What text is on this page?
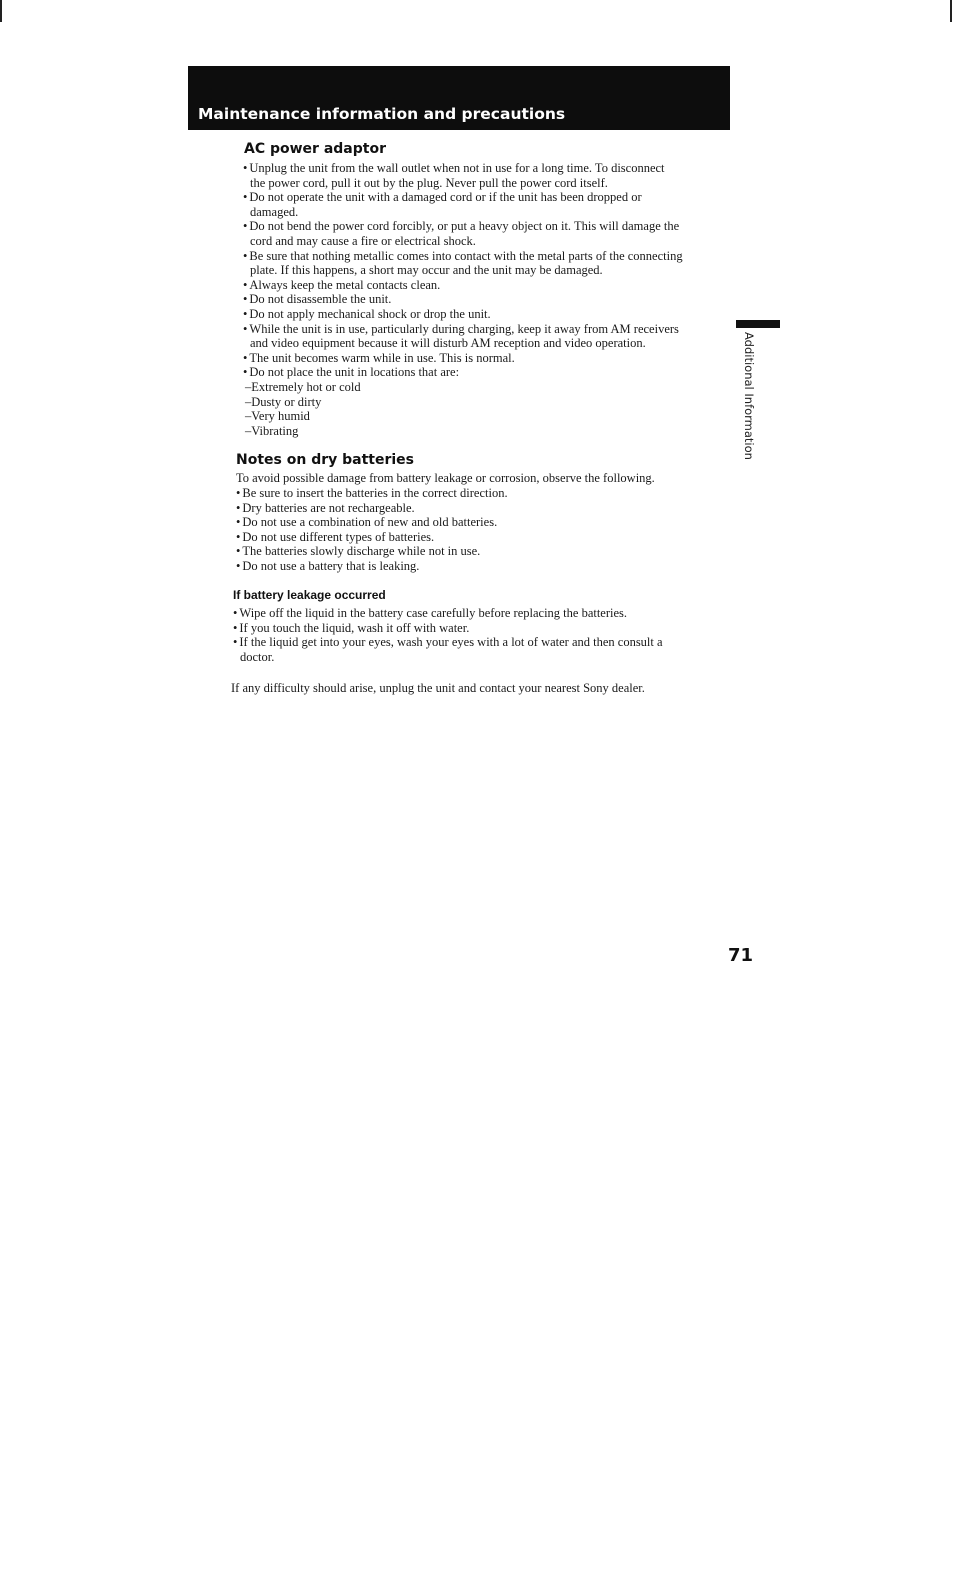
Maintenance information and precautions
Additional Information
AC power adaptor
• Unplug the unit from the wall outlet when not in use for a long time. To disconnect
the power cord, pull it out by the plug. Never pull the power cord itself.
• Do not operate the unit with a damaged cord or if the unit has been dropped or
damaged.
• Do not bend the power cord forcibly, or put a heavy object on it. This will damage the
cord and may cause a fire or electrical shock.
• Be sure that nothing metallic comes into contact with the metal parts of the connecting
plate. If this happens, a short may occur and the unit may be damaged.
• Always keep the metal contacts clean.
• Do not disassemble the unit.
• Do not apply mechanical shock or drop the unit.
• While the unit is in use, particularly during charging, keep it away from AM receivers
and video equipment because it will disturb AM reception and video operation.
• The unit becomes warm while in use. This is normal.
• Do not place the unit in locations that are:
–Extremely hot or cold
–Dusty or dirty
–Very humid
–Vibrating
Notes on dry batteries
To avoid possible damage from battery leakage or corrosion, observe the following.
• Be sure to insert the batteries in the correct direction.
• Dry batteries are not rechargeable.
• Do not use a combination of new and old batteries.
• Do not use different types of batteries.
• The batteries slowly discharge while not in use.
• Do not use a battery that is leaking.
If battery leakage occurred
• Wipe off the liquid in the battery case carefully before replacing the batteries.
• If you touch the liquid, wash it off with water.
• If the liquid get into your eyes, wash your eyes with a lot of water and then consult a
doctor.
If any difficulty should arise, unplug the unit and contact your nearest Sony dealer.
71
